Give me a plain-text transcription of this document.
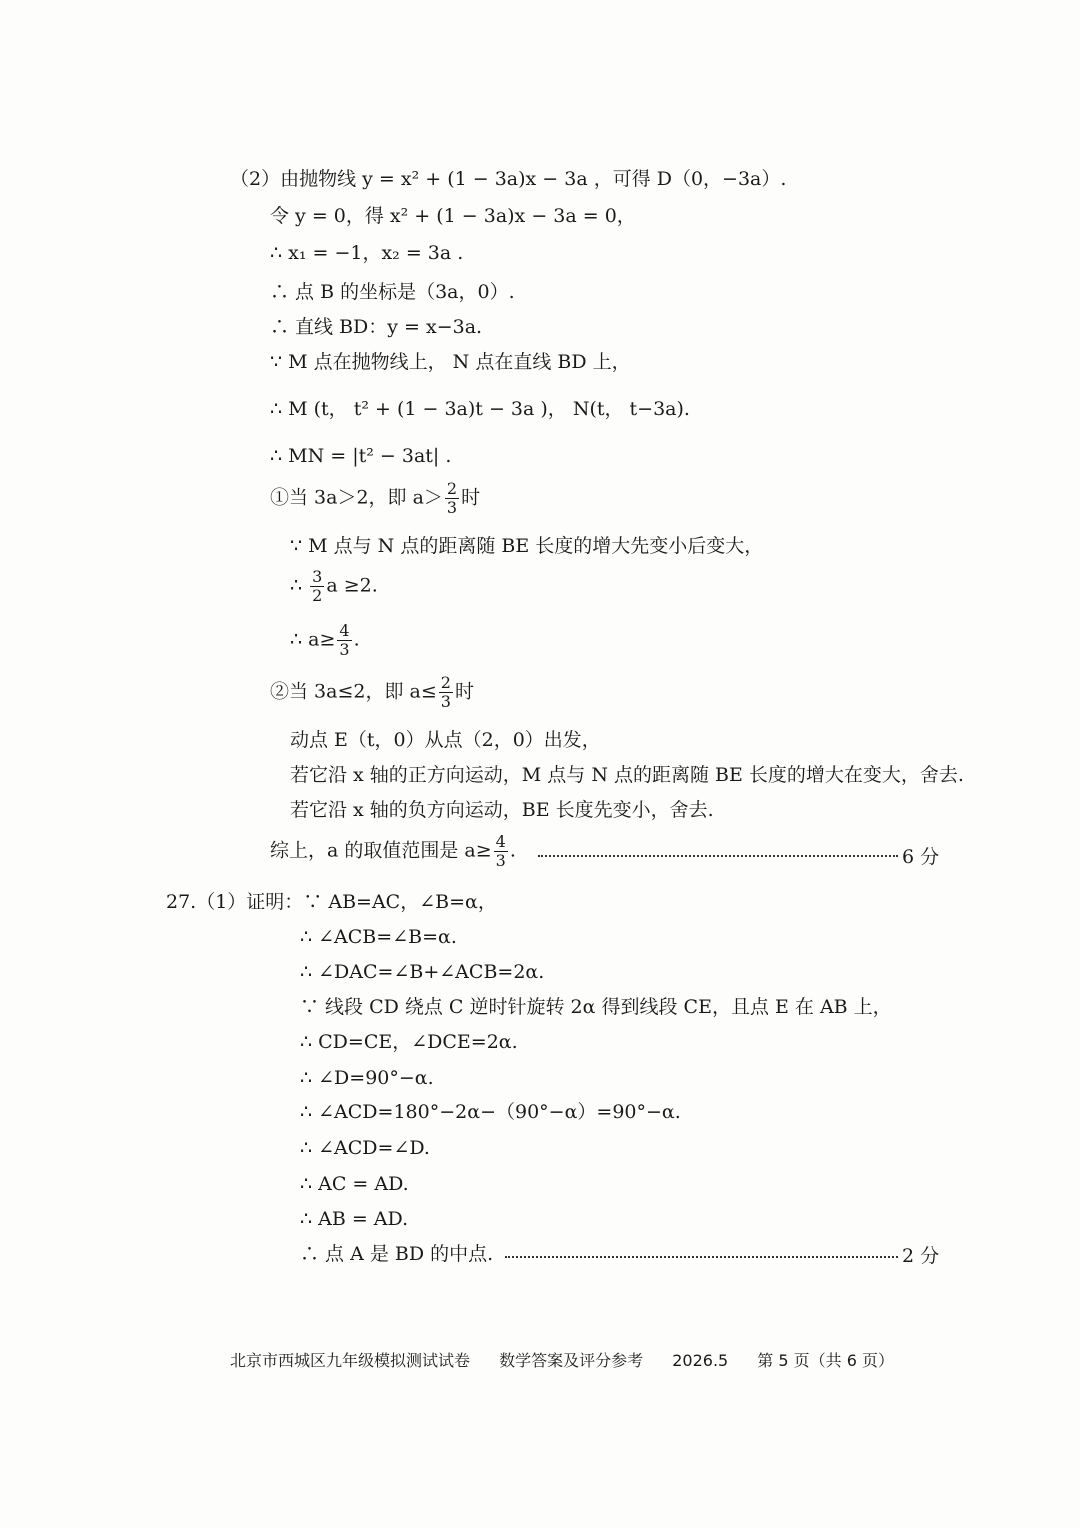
（2）由抛物线 y = x² + (1 − 3a)x − 3a ，可得 D（0，−3a）.
令 y = 0，得 x² + (1 − 3a)x − 3a = 0，
∴ x₁ = −1，x₂ = 3a .
∴ 点 B 的坐标是（3a，0）.
∴ 直线 BD：y = x−3a.
∵ M 点在抛物线上， N 点在直线 BD 上，
∴ M (t， t² + (1 − 3a)t − 3a )， N(t， t−3a).
∴ MN = |t² − 3at| .
①当 3a＞2，即 $a> \frac{2}{3}$ 时
∵ M 点与 N 点的距离随 BE 长度的增大先变小后变大，
∴ $\frac{3}{2}$ a ≥2.
∴ $a\ge \frac{4}{3}$ .
②当 3a≤2，即 $a\le \frac{2}{3}$ 时
动点 E（t，0）从点（2，0）出发，
若它沿 x 轴的正方向运动，M 点与 N 点的距离随 BE 长度的增大在变大，舍去.
若它沿 x 轴的负方向运动，BE 长度先变小，舍去.
综上，a 的取值范围是 $a\ge \frac{4}{3}$ .	6 分
27.（1）证明：∵ AB=AC，∠B=α，
∴ ∠ACB=∠B=α.
∴ ∠DAC=∠B+∠ACB=2α.
∵ 线段 CD 绕点 C 逆时针旋转 2α 得到线段 CE，且点 E 在 AB 上，
∴ CD=CE，∠DCE=2α.
∴ ∠D=90°−α.
∴ ∠ACD=180°−2α−（90°−α）=90°−α.
∴ ∠ACD=∠D.
∴ AC = AD.
∴ AB = AD.
∴ 点 A 是 BD 的中点.	2 分
北京市西城区九年级模拟测试试卷 数学答案及评分参考 2026.5 第 5 页（共 6 页）
